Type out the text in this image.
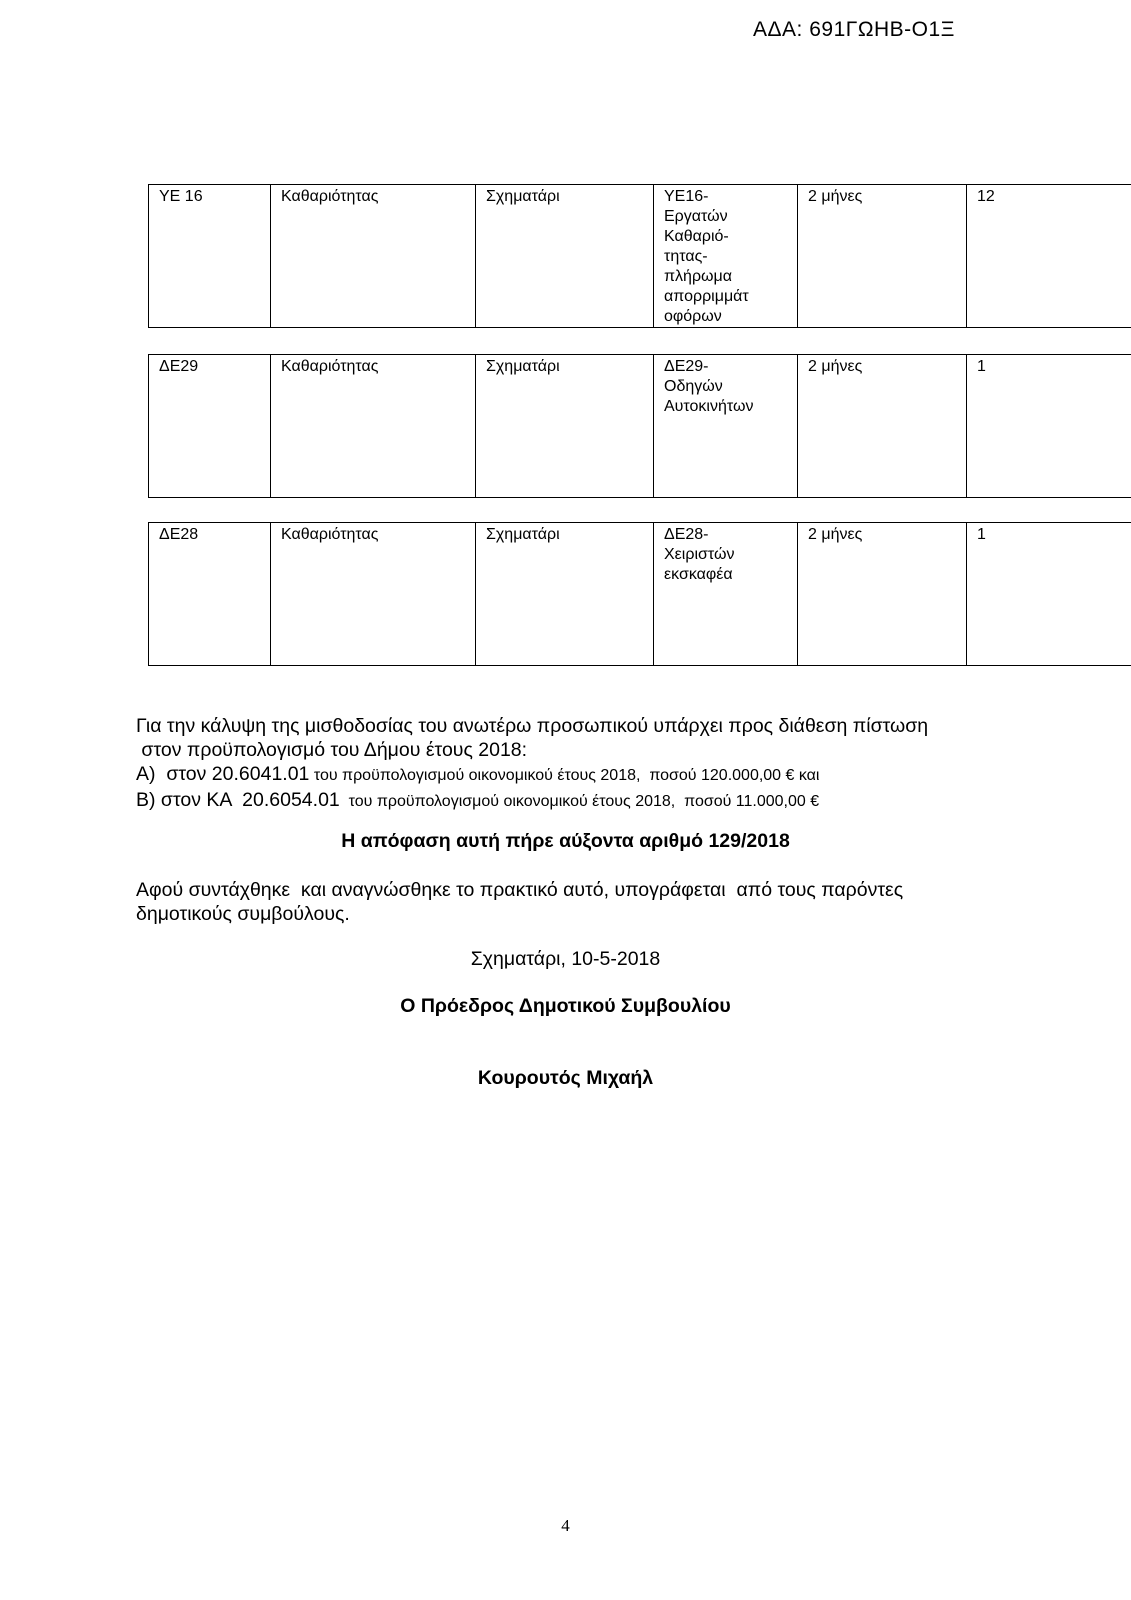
ΑΔΑ: 691ΓΩΗΒ-Ο1Ξ
ΥΕ 16	Καθαριότητας	Σχηματάρι	ΥΕ16-
Εργατών
Καθαριό-
τητας-
πλήρωμα
απορριμμάτ
οφόρων
	2 μήνες	12
ΔΕ29	Καθαριότητας	Σχηματάρι	ΔΕ29-
Οδηγών
Αυτοκινήτων
	2 μήνες	1
ΔΕ28	Καθαριότητας	Σχηματάρι	ΔΕ28-
Χειριστών
εκσκαφέα
	2 μήνες	1
Για την κάλυψη της μισθοδοσίας του ανωτέρω προσωπικού υπάρχει προς διάθεση πίστωση
στον προϋπολογισμό του Δήμου έτους 2018:
Α)  στον 20.6041.01 του προϋπολογισμού οικονομικού έτους 2018,  ποσού 120.000,00 € και
Β) στον ΚΑ  20.6054.01  του προϋπολογισμού οικονομικού έτους 2018,  ποσού 11.000,00 €
Η απόφαση αυτή πήρε αύξοντα αριθμό 129/2018
Αφού συντάχθηκε  και αναγνώσθηκε το πρακτικό αυτό, υπογράφεται  από τους παρόντες
δημοτικούς συμβούλους.
Σχηματάρι, 10-5-2018
Ο Πρόεδρος Δημοτικού Συμβουλίου
Κουρουτός Μιχαήλ
4
